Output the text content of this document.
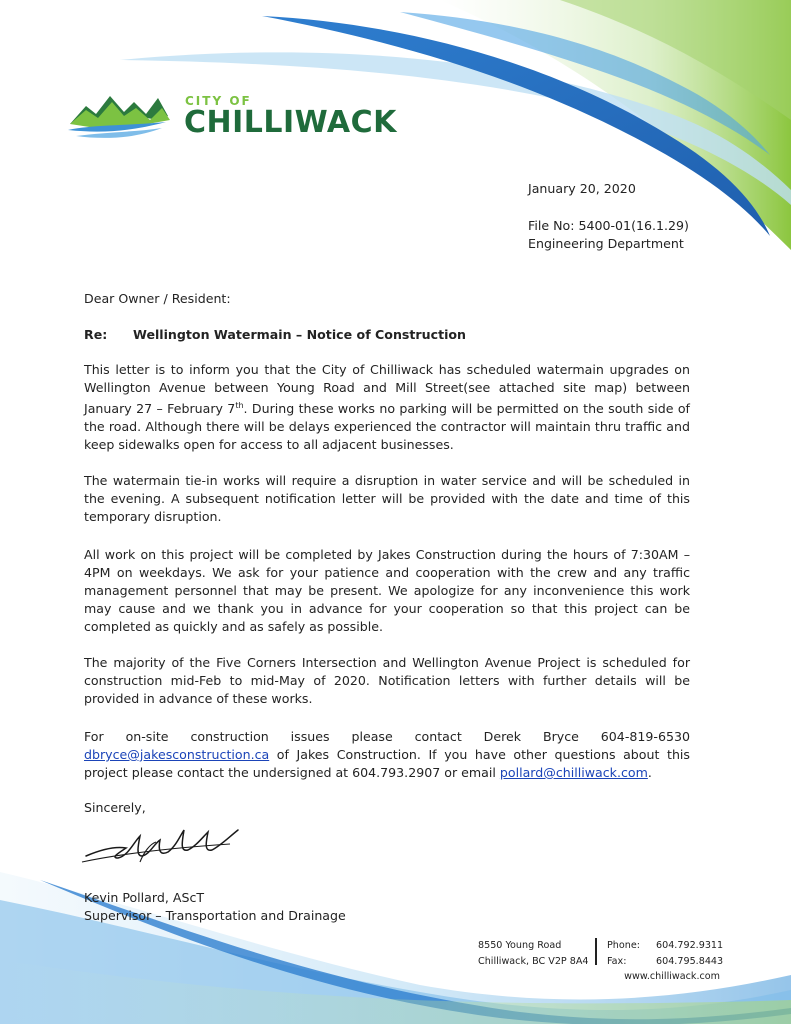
CITY OF
CHILLIWACK
January 20, 2020
File No: 5400-01(16.1.29)
Engineering Department
Dear Owner / Resident:
Re: Wellington Watermain – Notice of Construction
This letter is to inform you that the City of Chilliwack has scheduled watermain upgrades on Wellington Avenue between Young Road and Mill Street(see attached site map) between January 27 – February 7th. During these works no parking will be permitted on the south side of the road. Although there will be delays experienced the contractor will maintain thru traffic and keep sidewalks open for access to all adjacent businesses.
The watermain tie-in works will require a disruption in water service and will be scheduled in the evening. A subsequent notification letter will be provided with the date and time of this temporary disruption.
All work on this project will be completed by Jakes Construction during the hours of 7:30AM – 4PM on weekdays. We ask for your patience and cooperation with the crew and any traffic management personnel that may be present. We apologize for any inconvenience this work may cause and we thank you in advance for your cooperation so that this project can be completed as quickly and as safely as possible.
The majority of the Five Corners Intersection and Wellington Avenue Project is scheduled for construction mid-Feb to mid-May of 2020. Notification letters with further details will be provided in advance of these works.
For on-site construction issues please contact Derek Bryce 604-819-6530 dbryce@jakesconstruction.ca of Jakes Construction. If you have other questions about this project please contact the undersigned at 604.793.2907 or email pollard@chilliwack.com.
Sincerely,
Kevin Pollard, AScT
Supervisor – Transportation and Drainage
8550 Young Road
Chilliwack, BC V2P 8A4
Phone: 604.792.9311
Fax:	604.795.8443
www.chilliwack.com
